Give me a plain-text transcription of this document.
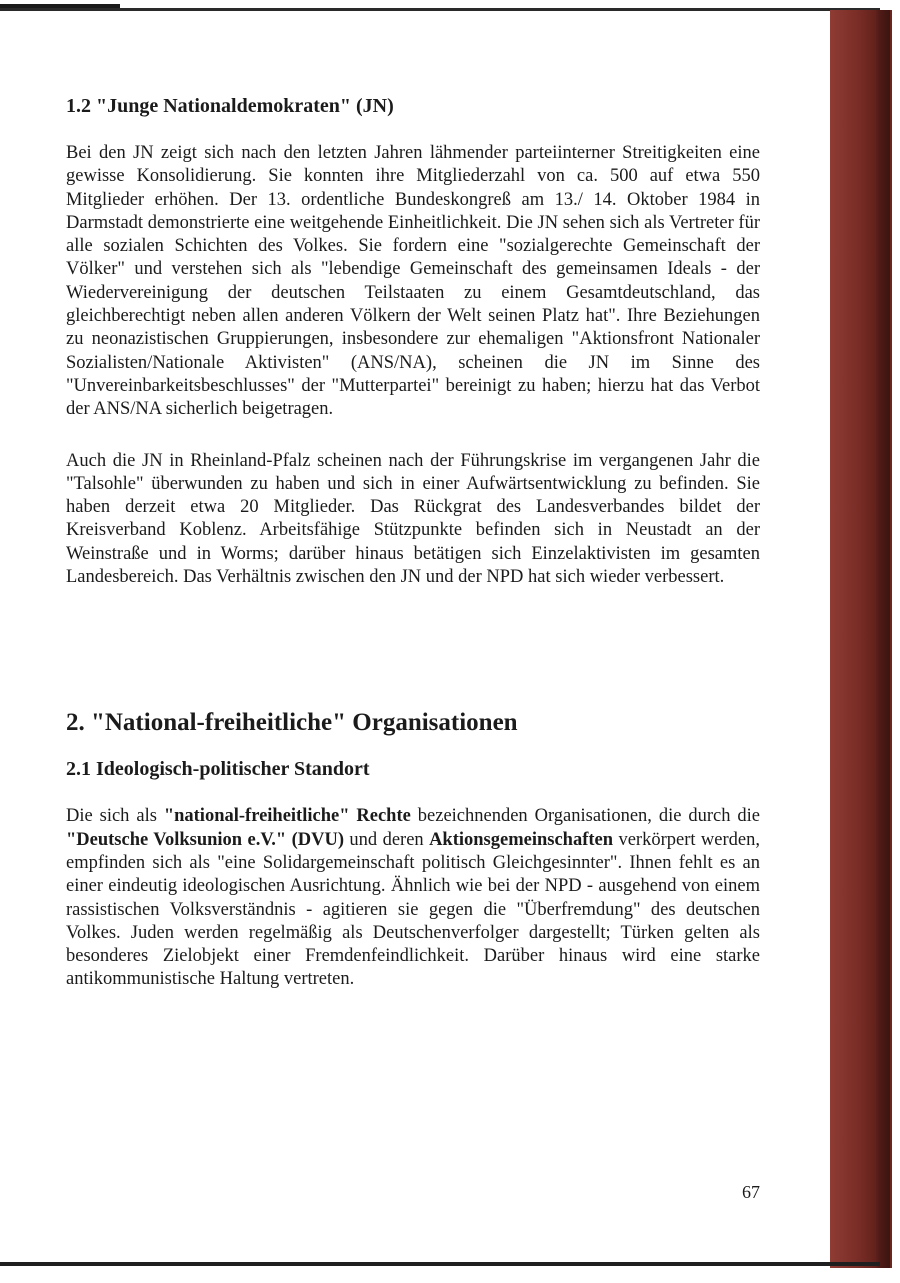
1.2 "Junge Nationaldemokraten" (JN)

Bei den JN zeigt sich nach den letzten Jahren lähmender parteiinterner Streitigkeiten eine gewisse Konsolidierung. Sie konnten ihre Mitgliederzahl von ca. 500 auf etwa 550 Mitglieder erhöhen. Der 13. ordentliche Bundeskongreß am 13./ 14. Oktober 1984 in Darmstadt demonstrierte eine weitgehende Einheitlichkeit. Die JN sehen sich als Vertreter für alle sozialen Schichten des Volkes. Sie fordern eine "sozialgerechte Gemeinschaft der Völker" und verstehen sich als "lebendige Gemeinschaft des gemeinsamen Ideals - der Wiedervereinigung der deutschen Teilstaaten zu einem Gesamtdeutschland, das gleichberechtigt neben allen anderen Völkern der Welt seinen Platz hat". Ihre Beziehungen zu neonazistischen Gruppierungen, insbesondere zur ehemaligen "Aktionsfront Nationaler Sozialisten/Nationale Aktivisten" (ANS/NA), scheinen die JN im Sinne des "Unvereinbarkeitsbeschlusses" der "Mutterpartei" bereinigt zu haben; hierzu hat das Verbot der ANS/NA sicherlich beigetragen.

Auch die JN in Rheinland-Pfalz scheinen nach der Führungskrise im vergangenen Jahr die "Talsohle" überwunden zu haben und sich in einer Aufwärtsentwicklung zu befinden. Sie haben derzeit etwa 20 Mitglieder. Das Rückgrat des Landesverbandes bildet der Kreisverband Koblenz. Arbeitsfähige Stützpunkte befinden sich in Neustadt an der Weinstraße und in Worms; darüber hinaus betätigen sich Einzelaktivisten im gesamten Landesbereich. Das Verhältnis zwischen den JN und der NPD hat sich wieder verbessert.

2. "National-freiheitliche" Organisationen
2.1 Ideologisch-politischer Standort

Die sich als "national-freiheitliche" Rechte bezeichnenden Organisationen, die durch die "Deutsche Volksunion e.V." (DVU) und deren Aktionsgemeinschaften verkörpert werden, empfinden sich als "eine Solidargemeinschaft politisch Gleichgesinnter". Ihnen fehlt es an einer eindeutig ideologischen Ausrichtung. Ähnlich wie bei der NPD - ausgehend von einem rassistischen Volksverständnis - agitieren sie gegen die "Überfremdung" des deutschen Volkes. Juden werden regelmäßig als Deutschenverfolger dargestellt; Türken gelten als besonderes Zielobjekt einer Fremdenfeindlichkeit. Darüber hinaus wird eine starke antikommunistische Haltung vertreten.

67
